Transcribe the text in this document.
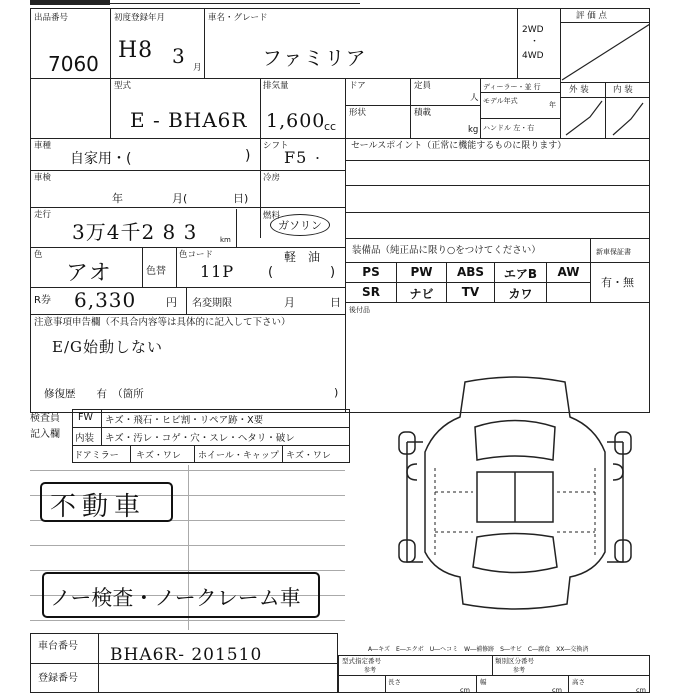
出品番号
7060
初度登録年月
H8 3 月
車名・グレード
ファミリア
2WD
・
4WD
評 価 点
型式
E - BHA6R
排気量
1,600
cc
ドア	定員
人
形状	積載
kg
ディーラー・並 行
モデル年式	年
ハンドル 左・右
外 装	内 装
車種
自家用・(	)
シフト
F5 ・
セールスポイント（正常に機能するものに限ります）
車検
年	月(	日)
冷房
走行
3万4千2 8 3	km
燃料
ガソリン
軽　油
(	)
色
アオ	色替
色コード
11P
R券 6,330	円 名変期限	月	日
装備品（純正品に限り○をつけてください）	新車保証書
PS	PW	ABS	エアB	AW
SR	ナビ	TV	カワ
有・無
後付品
注意事項申告欄（不具合内容等は具体的に記入して下さい）
E/G始動しない
修復歴　　有　（箇所	)
検査員
記入欄
FW キズ・飛石・ヒビ割・リペア跡・X要
内装 キズ・汚レ・コゲ・穴・スレ・ヘタリ・破レ
ドアミラー キズ・ワレ ホイール・キャップ キズ・ワレ
不動車
ノー検査・ノークレーム車
A―キズ　E―エクボ　U―ヘコミ　W―補修跡　S―サビ　C―腐食　XX―交換済
車台番号 BHA6R- 201510
登録番号
型式指定番号
参考
類別区分番号
参考
長さ
cm
幅
cm
高さ
cm
